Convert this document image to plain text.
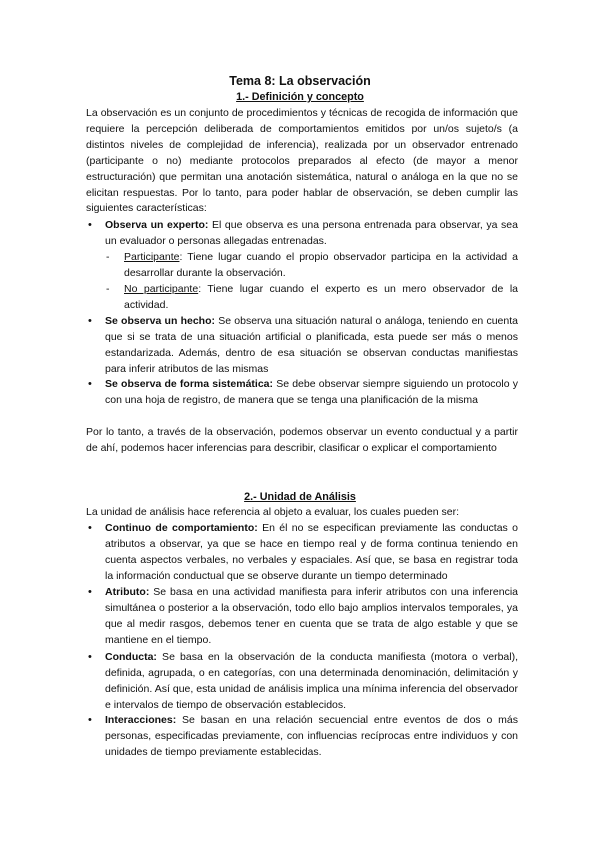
Tema 8: La observación
1.- Definición y concepto
La observación es un conjunto de procedimientos y técnicas de recogida de información que requiere la percepción deliberada de comportamientos emitidos por un/os sujeto/s (a distintos niveles de complejidad de inferencia), realizada por un observador entrenado (participante o no) mediante protocolos preparados al efecto (de mayor a menor estructuración) que permitan una anotación sistemática, natural o análoga en la que no se elicitan respuestas. Por lo tanto, para poder hablar de observación, se deben cumplir las siguientes características:
• Observa un experto: El que observa es una persona entrenada para observar, ya sea un evaluador o personas allegadas entrenadas.
- Participante: Tiene lugar cuando el propio observador participa en la actividad a desarrollar durante la observación.
- No participante: Tiene lugar cuando el experto es un mero observador de la actividad.
• Se observa un hecho: Se observa una situación natural o análoga, teniendo en cuenta que si se trata de una situación artificial o planificada, esta puede ser más o menos estandarizada. Además, dentro de esa situación se observan conductas manifiestas para inferir atributos de las mismas
• Se observa de forma sistemática: Se debe observar siempre siguiendo un protocolo y con una hoja de registro, de manera que se tenga una planificación de la misma
Por lo tanto, a través de la observación, podemos observar un evento conductual y a partir de ahí, podemos hacer inferencias para describir, clasificar o explicar el comportamiento
2.- Unidad de Análisis
La unidad de análisis hace referencia al objeto a evaluar, los cuales pueden ser:
• Continuo de comportamiento: En él no se especifican previamente las conductas o atributos a observar, ya que se hace en tiempo real y de forma continua teniendo en cuenta aspectos verbales, no verbales y espaciales. Así que, se basa en registrar toda la información conductual que se observe durante un tiempo determinado
• Atributo: Se basa en una actividad manifiesta para inferir atributos con una inferencia simultánea o posterior a la observación, todo ello bajo amplios intervalos temporales, ya que al medir rasgos, debemos tener en cuenta que se trata de algo estable y que se mantiene en el tiempo.
• Conducta: Se basa en la observación de la conducta manifiesta (motora o verbal), definida, agrupada, o en categorías, con una determinada denominación, delimitación y definición. Así que, esta unidad de análisis implica una mínima inferencia del observador e intervalos de tiempo de observación establecidos.
• Interacciones: Se basan en una relación secuencial entre eventos de dos o más personas, especificadas previamente, con influencias recíprocas entre individuos y con unidades de tiempo previamente establecidas.
